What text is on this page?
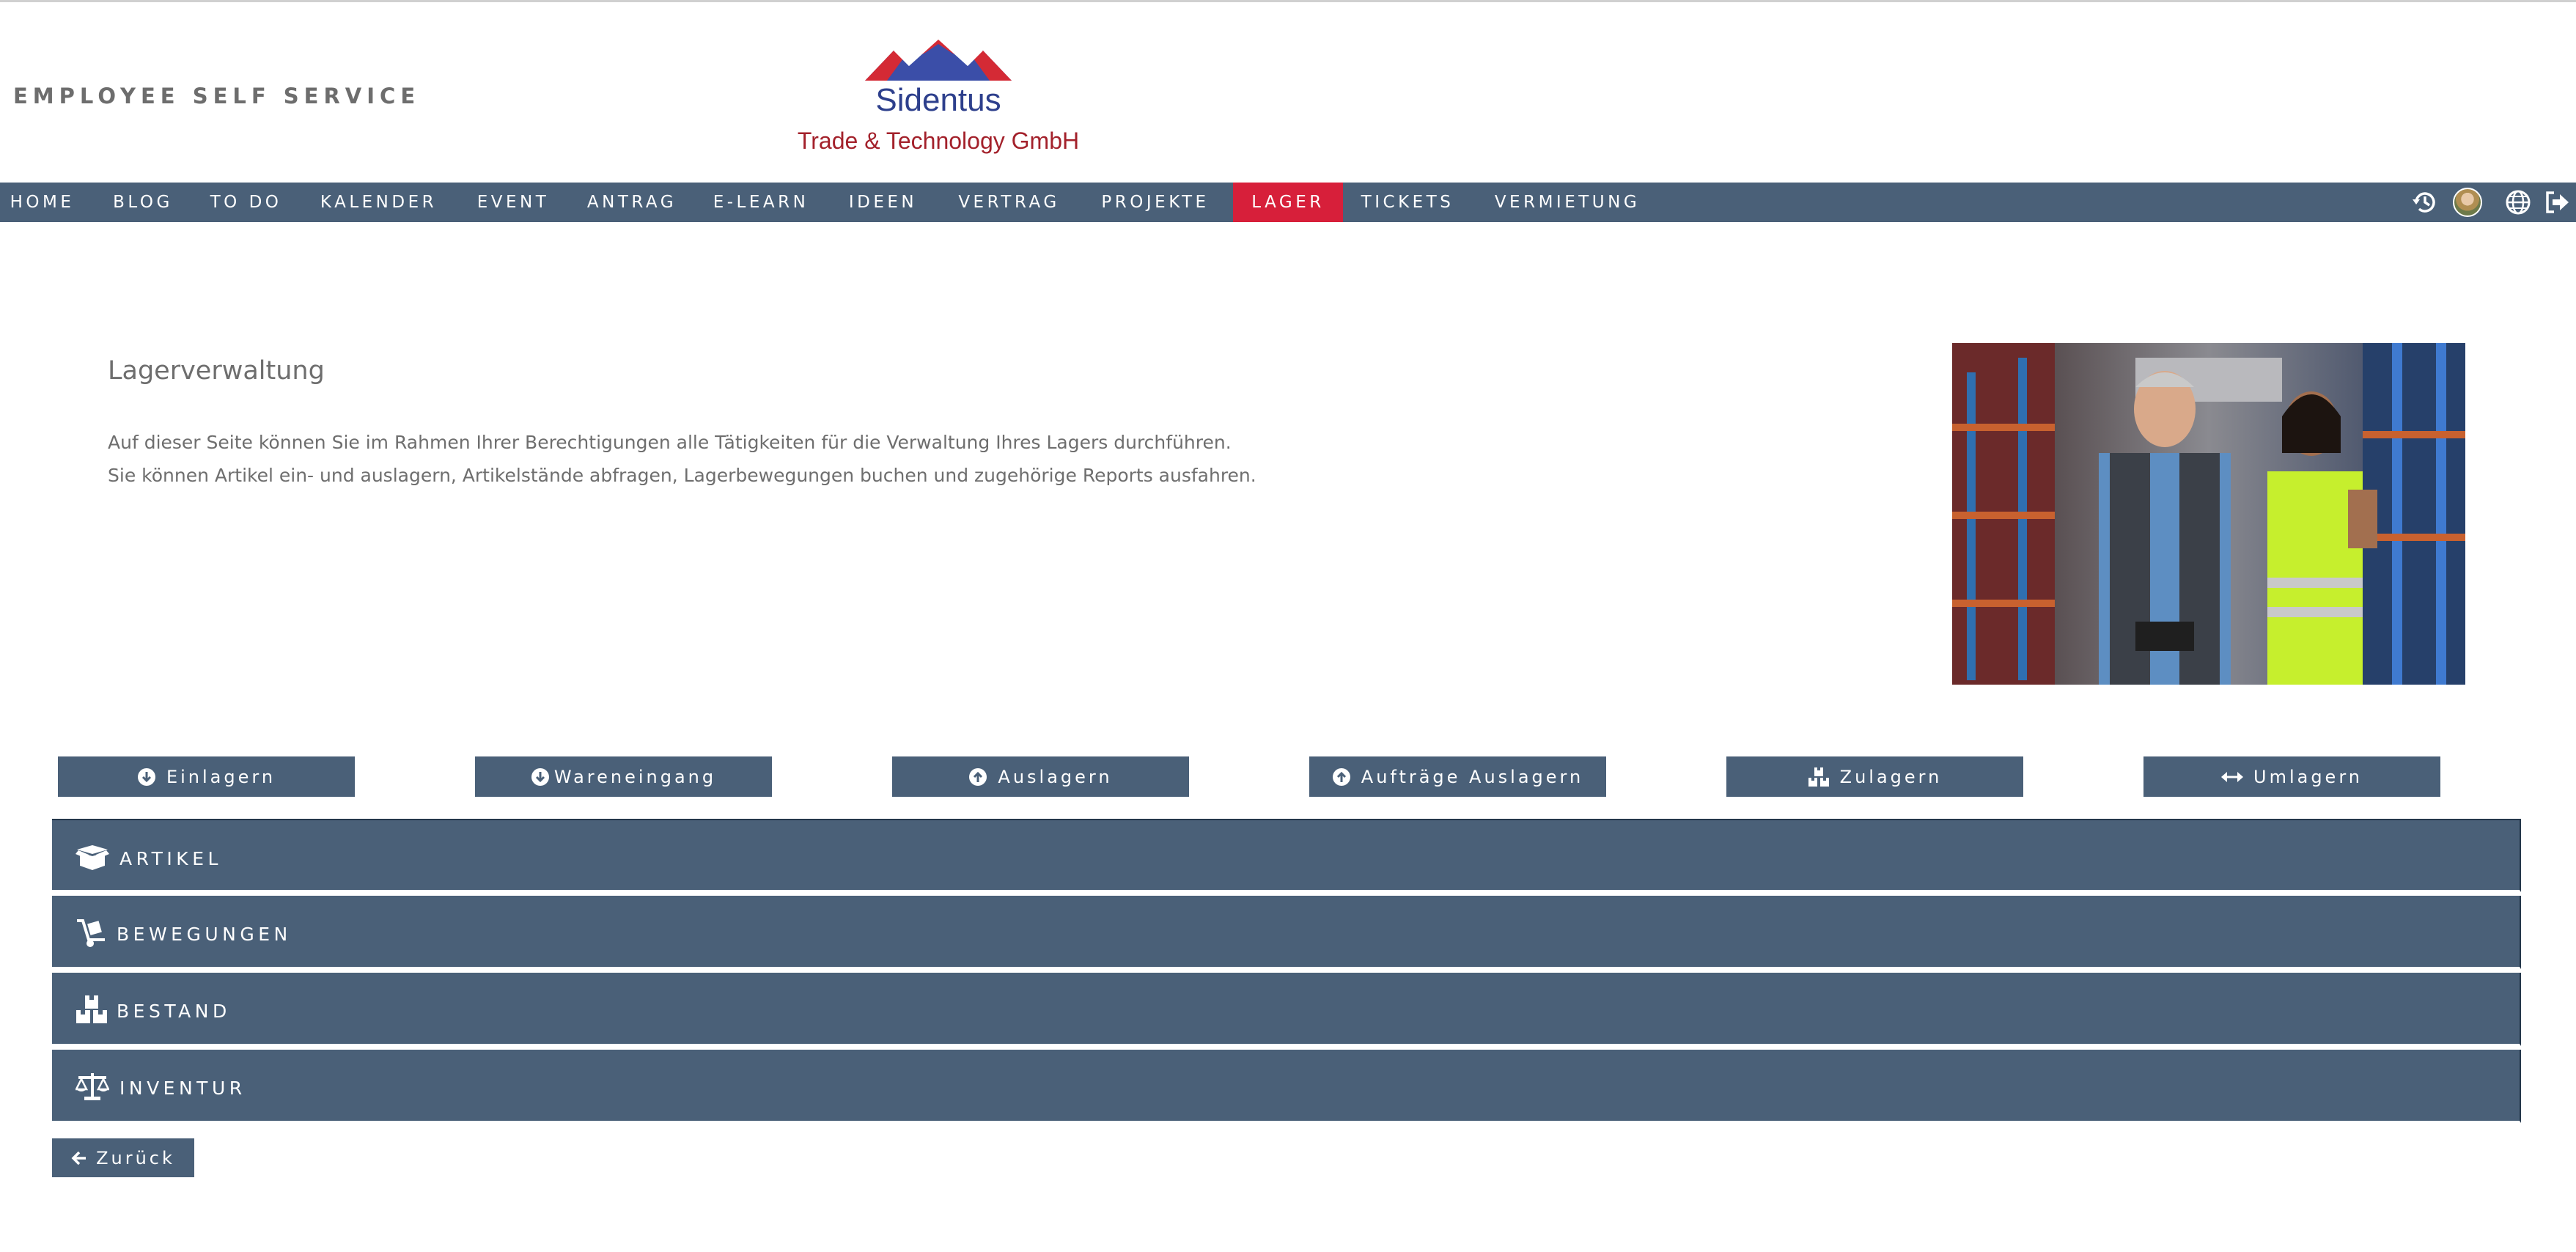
EMPLOYEE SELF SERVICE	Sidentus
Trade & Technology GmbH
HOME	BLOG	TO DO	KALENDER	EVENT	ANTRAG	E-LEARN	IDEEN	VERTRAG	PROJEKTE	LAGER	TICKETS	VERMIETUNG
Lagerverwaltung
Auf dieser Seite können Sie im Rahmen Ihrer Berechtigungen alle Tätigkeiten für die Verwaltung Ihres Lagers durchführen.
Sie können Artikel ein- und auslagern, Artikelstände abfragen, Lagerbewegungen buchen und zugehörige Reports ausfahren.
Einlagern	Wareneingang	Auslagern	Aufträge Auslagern	Zulagern	Umlagern
ARTIKEL
BEWEGUNGEN
BESTAND
INVENTUR
Zurück
